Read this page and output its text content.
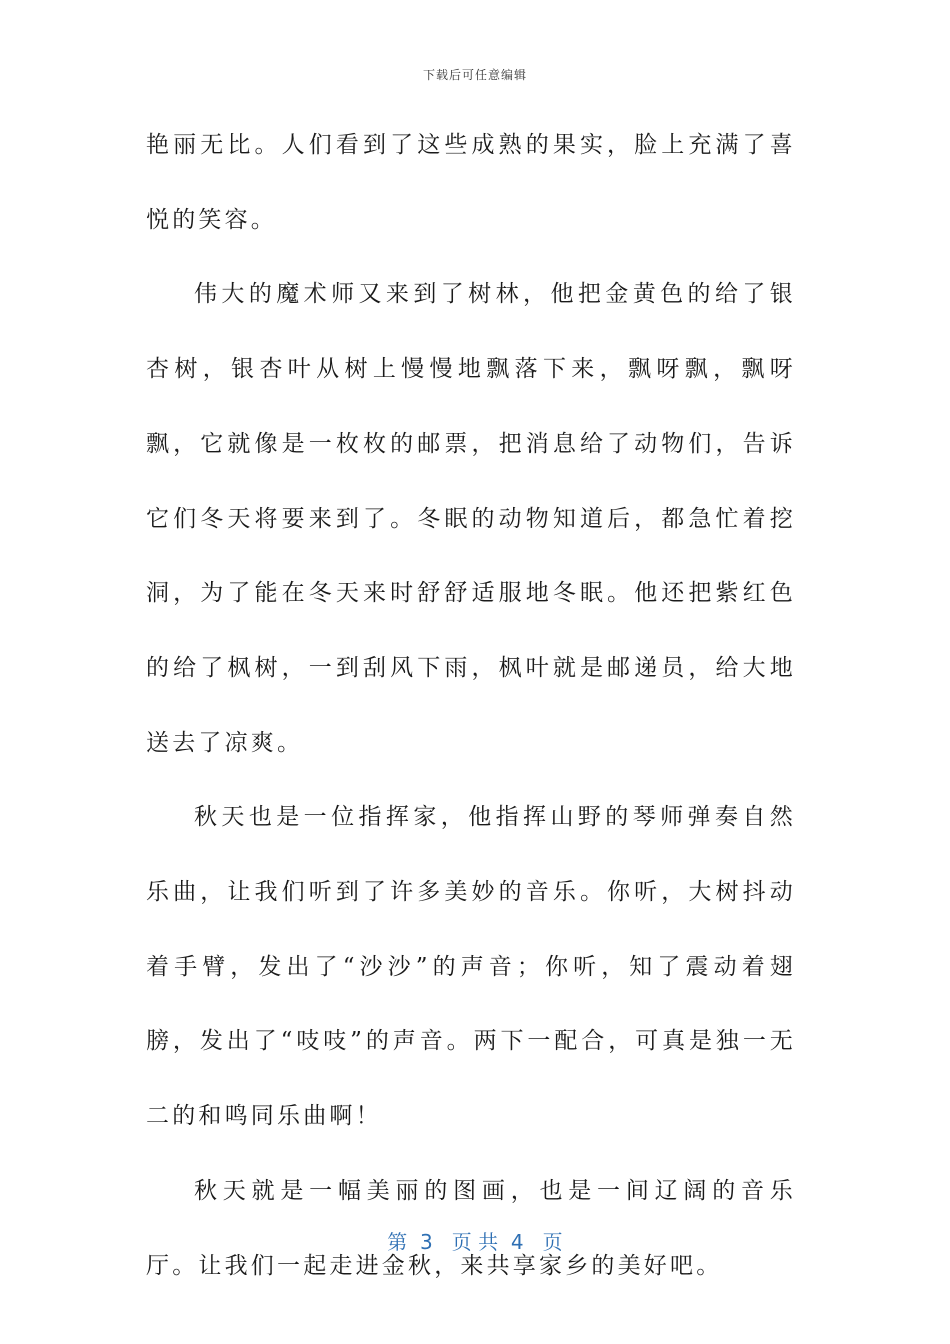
下载后可任意编辑

艳丽无比。人们看到了这些成熟的果实，脸上充满了喜悦的笑容。

伟大的魔术师又来到了树林，他把金黄色的给了银杏树，银杏叶从树上慢慢地飘落下来，飘呀飘，飘呀飘，它就像是一枚枚的邮票，把消息给了动物们，告诉它们冬天将要来到了。冬眠的动物知道后，都急忙着挖洞，为了能在冬天来时舒舒适服地冬眠。他还把紫红色的给了枫树，一到刮风下雨，枫叶就是邮递员，给大地送去了凉爽。

秋天也是一位指挥家，他指挥山野的琴师弹奏自然乐曲，让我们听到了许多美妙的音乐。你听，大树抖动着手臂，发出了“沙沙”的声音；你听，知了震动着翅膀，发出了“吱吱”的声音。两下一配合，可真是独一无二的和鸣同乐曲啊！

秋天就是一幅美丽的图画，也是一间辽阔的音乐厅。让我们一起走进金秋，来共享家乡的美好吧。

第  3   页 共  4   页
